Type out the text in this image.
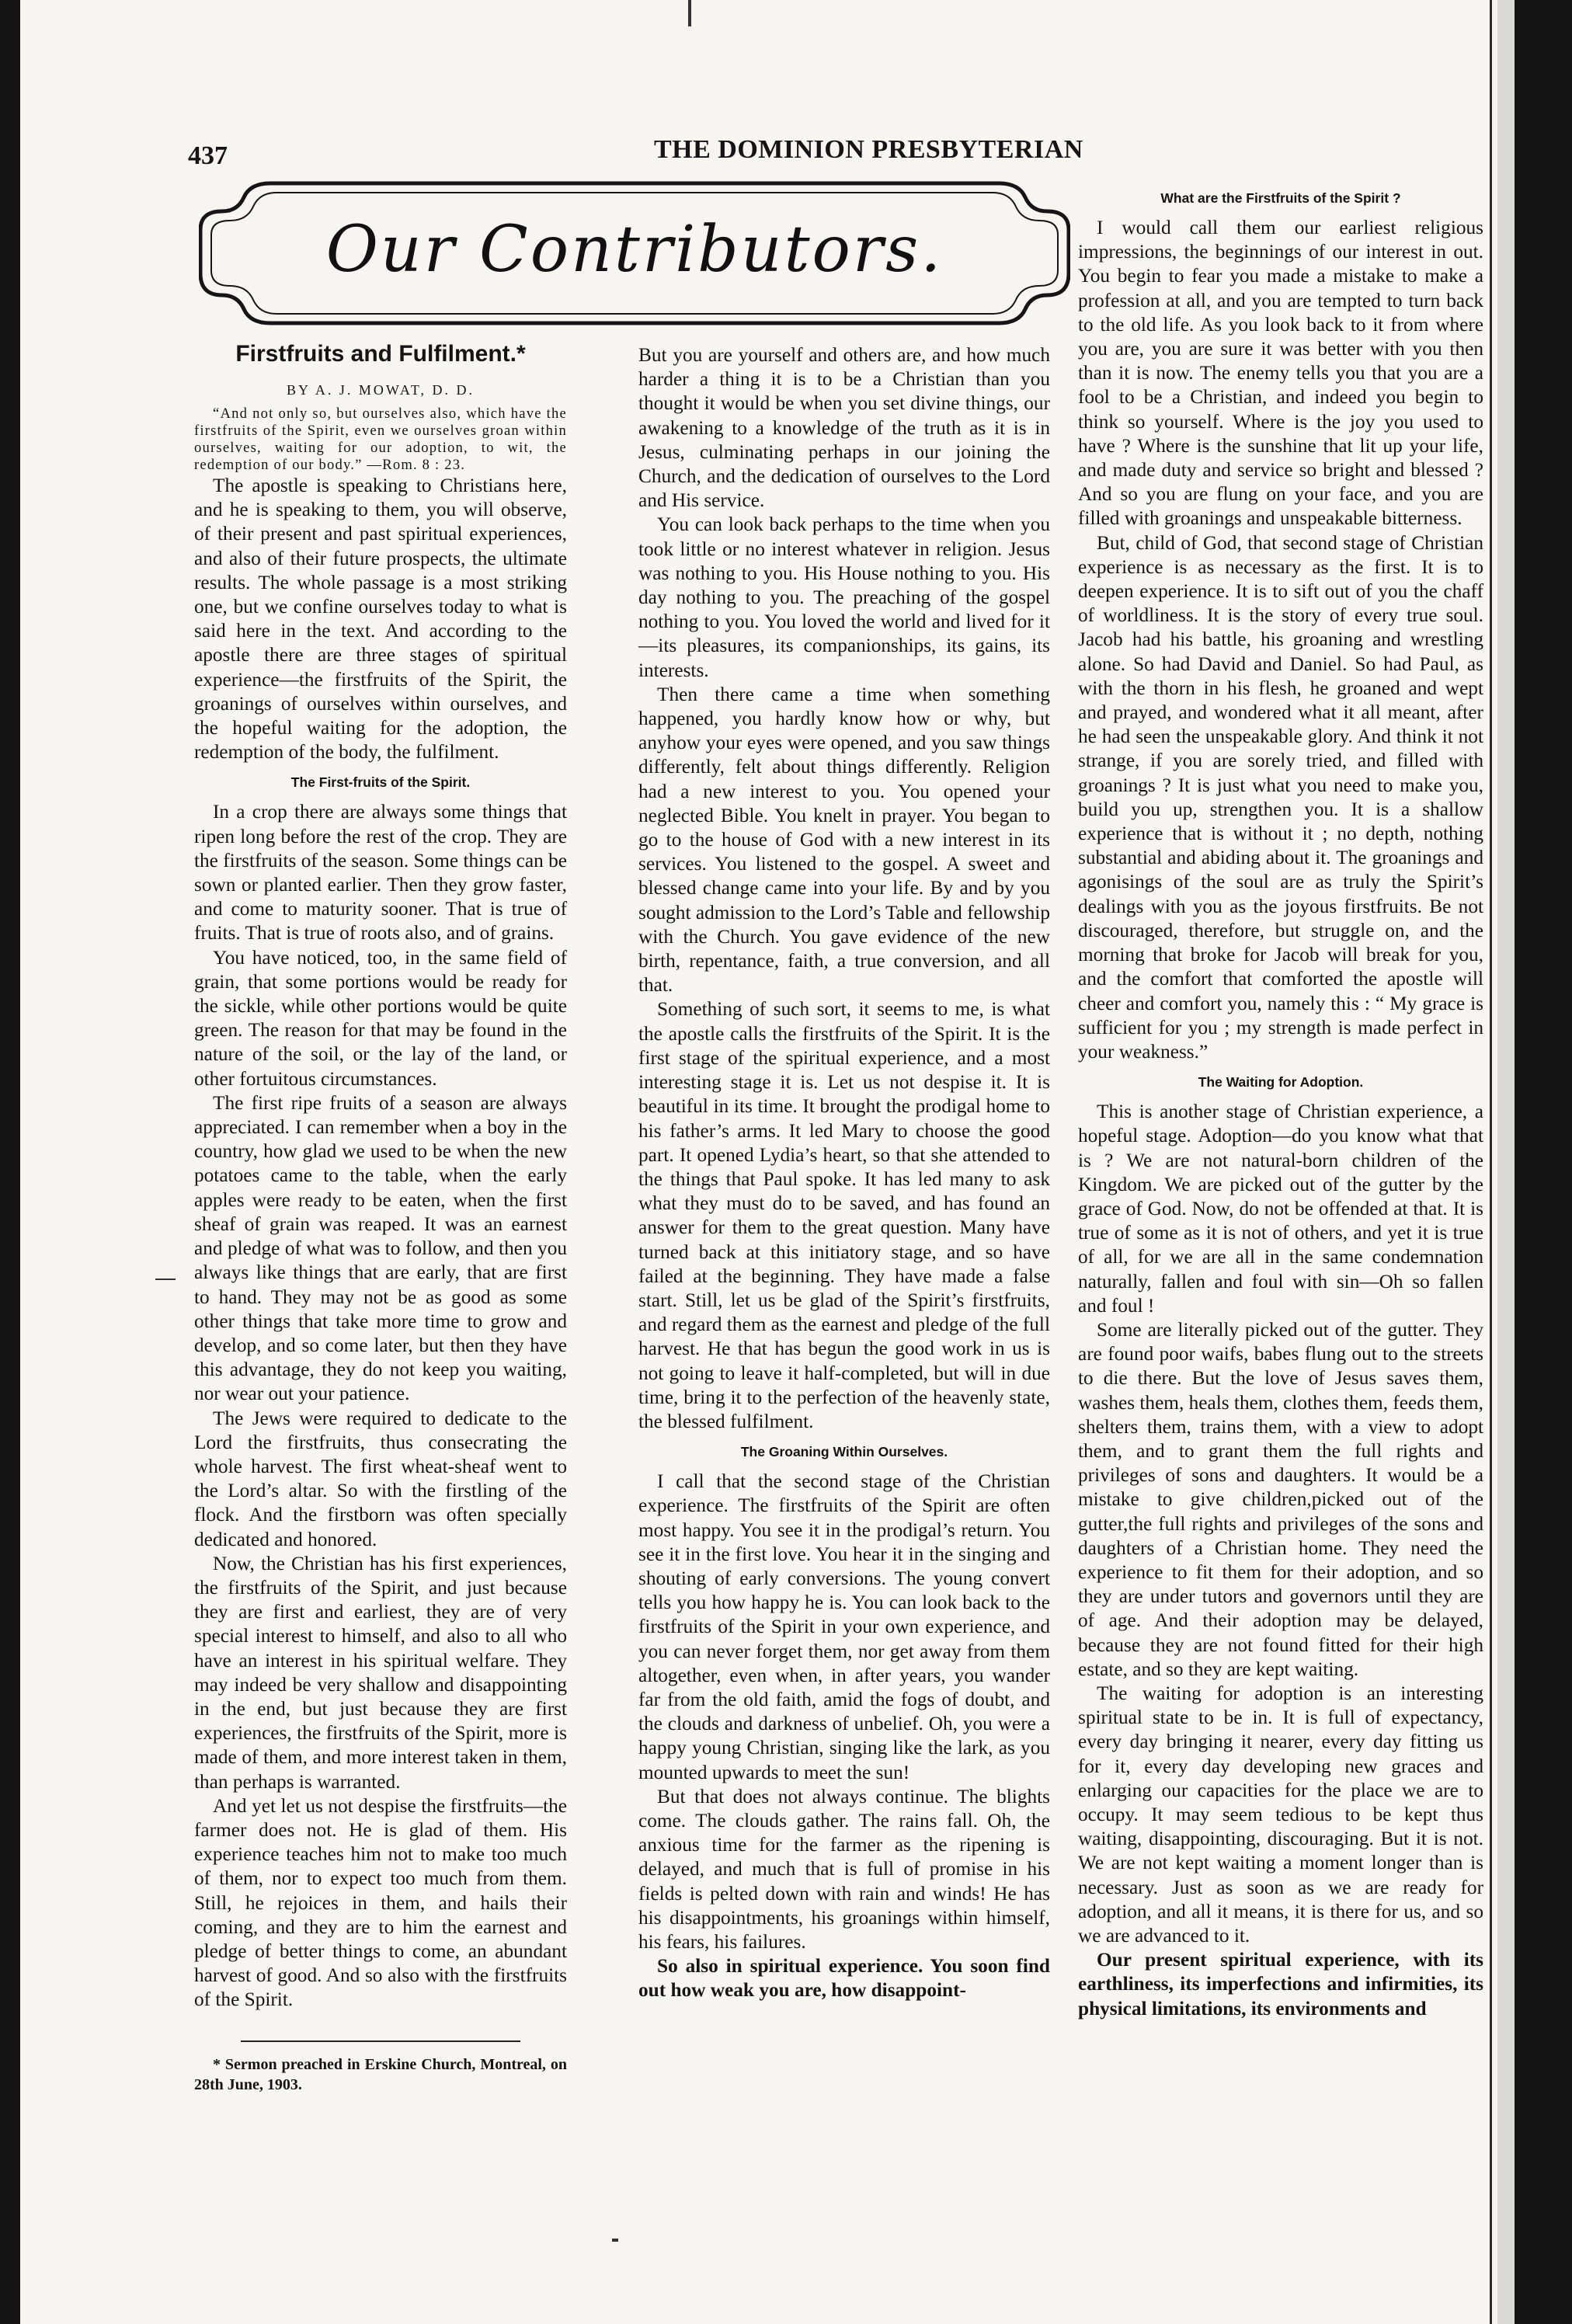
437	THE DOMINION PRESBYTERIAN
Our Contributors.
Firstfruits and Fulfilment.*
BY A. J. MOWAT, D. D.

“And not only so, but ourselves also, which have the firstfruits of the Spirit, even we ourselves groan within ourselves, waiting for our adoption, to wit, the redemption of our body.” —Rom. 8 : 23.

The apostle is speaking to Christians here, and he is speaking to them, you will observe, of their present and past spiritual experiences, and also of their future prospects, the ultimate results. The whole passage is a most striking one, but we confine ourselves today to what is said here in the text. And according to the apostle there are three stages of spiritual experience—the firstfruits of the Spirit, the groanings of ourselves within ourselves, and the hopeful waiting for the adoption, the redemption of the body, the fulfilment.

The First-fruits of the Spirit.

In a crop there are always some things that ripen long before the rest of the crop. They are the firstfruits of the season. Some things can be sown or planted earlier. Then they grow faster, and come to maturity sooner. That is true of fruits. That is true of roots also, and of grains.

You have noticed, too, in the same field of grain, that some portions would be ready for the sickle, while other portions would be quite green. The reason for that may be found in the nature of the soil, or the lay of the land, or other fortuitous circumstances.

The first ripe fruits of a season are always appreciated. I can remember when a boy in the country, how glad we used to be when the new potatoes came to the table, when the early apples were ready to be eaten, when the first sheaf of grain was reaped. It was an earnest and pledge of what was to follow, and then you always like things that are early, that are first to hand. They may not be as good as some other things that take more time to grow and develop, and so come later, but then they have this advantage, they do not keep you waiting, nor wear out your patience.

The Jews were required to dedicate to the Lord the firstfruits, thus consecrating the whole harvest. The first wheat-sheaf went to the Lord’s altar. So with the firstling of the flock. And the firstborn was often specially dedicated and honored.

Now, the Christian has his first experiences, the firstfruits of the Spirit, and just because they are first and earliest, they are of very special interest to himself, and also to all who have an interest in his spiritual welfare. They may indeed be very shallow and disappointing in the end, but just because they are first experiences, the firstfruits of the Spirit, more is made of them, and more interest taken in them, than perhaps is warranted.

And yet let us not despise the firstfruits—the farmer does not. He is glad of them. His experience teaches him not to make too much of them, nor to expect too much from them. Still, he rejoices in them, and hails their coming, and they are to him the earnest and pledge of better things to come, an abundant harvest of good. And so also with the firstfruits of the Spirit.

* Sermon preached in Erskine Church, Montreal, on 28th June, 1903.

But you are yourself and others are, and how much harder a thing it is to be a Christian than you thought it would be when you set divine things, our awakening to a knowledge of the truth as it is in Jesus, culminating perhaps in our joining the Church, and the dedication of ourselves to the Lord and His service.

You can look back perhaps to the time when you took little or no interest whatever in religion. Jesus was nothing to you. His House nothing to you. His day nothing to you. The preaching of the gospel nothing to you. You loved the world and lived for it—its pleasures, its companionships, its gains, its interests.

Then there came a time when something happened, you hardly know how or why, but anyhow your eyes were opened, and you saw things differently, felt about things differently. Religion had a new interest to you. You opened your neglected Bible. You knelt in prayer. You began to go to the house of God with a new interest in its services. You listened to the gospel. A sweet and blessed change came into your life. By and by you sought admission to the Lord’s Table and fellowship with the Church. You gave evidence of the new birth, repentance, faith, a true conversion, and all that.

Something of such sort, it seems to me, is what the apostle calls the firstfruits of the Spirit. It is the first stage of the spiritual experience, and a most interesting stage it is. Let us not despise it. It is beautiful in its time. It brought the prodigal home to his father’s arms. It led Mary to choose the good part. It opened Lydia’s heart, so that she attended to the things that Paul spoke. It has led many to ask what they must do to be saved, and has found an answer for them to the great question. Many have turned back at this initiatory stage, and so have failed at the beginning. They have made a false start. Still, let us be glad of the Spirit’s firstfruits, and regard them as the earnest and pledge of the full harvest. He that has begun the good work in us is not going to leave it half-completed, but will in due time, bring it to the perfection of the heavenly state, the blessed fulfilment.

The Groaning Within Ourselves.

I call that the second stage of the Christian experience. The firstfruits of the Spirit are often most happy. You see it in the prodigal’s return. You see it in the first love. You hear it in the singing and shouting of early conversions. The young convert tells you how happy he is. You can look back to the firstfruits of the Spirit in your own experience, and you can never forget them, nor get away from them altogether, even when, in after years, you wander far from the old faith, amid the fogs of doubt, and the clouds and darkness of unbelief. Oh, you were a happy young Christian, singing like the lark, as you mounted upwards to meet the sun!

But that does not always continue. The blights come. The clouds gather. The rains fall. Oh, the anxious time for the farmer as the ripening is delayed, and much that is full of promise in his fields is pelted down with rain and winds! He has his disappointments, his groanings within himself, his fears, his failures.

So also in spiritual experience. You soon find out how weak you are, how disappoint-

What are the Firstfruits of the Spirit ?

I would call them our earliest religious impressions, the beginnings of our interest in out. You begin to fear you made a mistake to make a profession at all, and you are tempted to turn back to the old life. As you look back to it from where you are, you are sure it was better with you then than it is now. The enemy tells you that you are a fool to be a Christian, and indeed you begin to think so yourself. Where is the joy you used to have ? Where is the sunshine that lit up your life, and made duty and service so bright and blessed ? And so you are flung on your face, and you are filled with groanings and unspeakable bitterness.

But, child of God, that second stage of Christian experience is as necessary as the first. It is to deepen experience. It is to sift out of you the chaff of worldliness. It is the story of every true soul. Jacob had his battle, his groaning and wrestling alone. So had David and Daniel. So had Paul, as with the thorn in his flesh, he groaned and wept and prayed, and wondered what it all meant, after he had seen the unspeakable glory. And think it not strange, if you are sorely tried, and filled with groanings ? It is just what you need to make you, build you up, strengthen you. It is a shallow experience that is without it ; no depth, nothing substantial and abiding about it. The groanings and agonisings of the soul are as truly the Spirit’s dealings with you as the joyous firstfruits. Be not discouraged, therefore, but struggle on, and the morning that broke for Jacob will break for you, and the comfort that comforted the apostle will cheer and comfort you, namely this : “ My grace is sufficient for you ; my strength is made perfect in your weakness.”

The Waiting for Adoption.

This is another stage of Christian experience, a hopeful stage. Adoption—do you know what that is ? We are not natural-born children of the Kingdom. We are picked out of the gutter by the grace of God. Now, do not be offended at that. It is true of some as it is not of others, and yet it is true of all, for we are all in the same condemnation naturally, fallen and foul with sin—Oh so fallen and foul !

Some are literally picked out of the gutter. They are found poor waifs, babes flung out to the streets to die there. But the love of Jesus saves them, washes them, heals them, clothes them, feeds them, shelters them, trains them, with a view to adopt them, and to grant them the full rights and privileges of sons and daughters. It would be a mistake to give children,picked out of the gutter,the full rights and privileges of the sons and daughters of a Christian home. They need the experience to fit them for their adoption, and so they are under tutors and governors until they are of age. And their adoption may be delayed, because they are not found fitted for their high estate, and so they are kept waiting.

The waiting for adoption is an interesting spiritual state to be in. It is full of expectancy, every day bringing it nearer, every day fitting us for it, every day developing new graces and enlarging our capacities for the place we are to occupy. It may seem tedious to be kept thus waiting, disappointing, discouraging. But it is not. We are not kept waiting a moment longer than is necessary. Just as soon as we are ready for adoption, and all it means, it is there for us, and so we are advanced to it.

Our present spiritual experience, with its earthliness, its imperfections and infirmities, its physical limitations, its environments and
